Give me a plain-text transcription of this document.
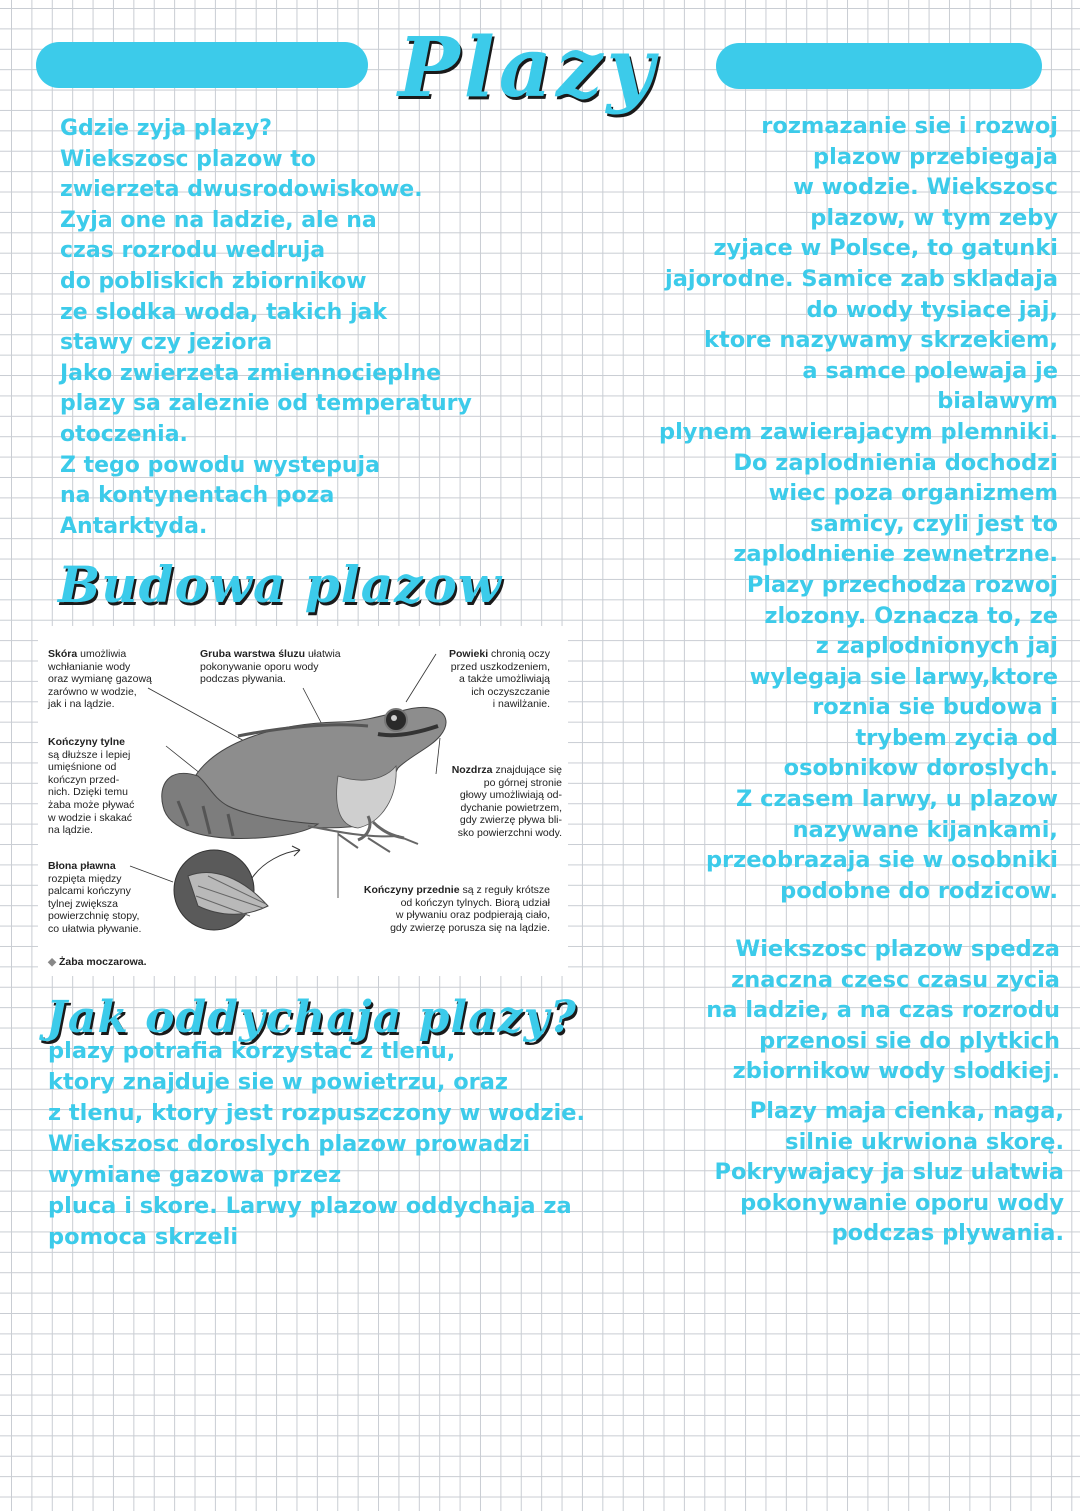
Plazy

Gdzie zyja plazy?
Wiekszosc plazow to
zwierzeta dwusrodowiskowe.
Zyja one na ladzie, ale na
czas rozrodu wedruja
do pobliskich zbiornikow
ze slodka woda, takich jak
stawy czy jeziora
Jako zwierzeta zmiennocieplne
plazy sa zaleznie od temperatury
otoczenia.
Z tego powodu wystepuja
na kontynentach poza
Antarktyda.

Budowa plazow

Skóra umożliwia
wchłanianie wody
oraz wymianę gazową
zarówno w wodzie,
jak i na lądzie.

Gruba warstwa śluzu ułatwia
pokonywanie oporu wody
podczas pływania.

Powieki chronią oczy
przed uszkodzeniem,
a także umożliwiają
ich oczyszczanie
i nawilżanie.

Kończyny tylne
są dłuższe i lepiej
umięśnione od
kończyn przed-
nich. Dzięki temu
żaba może pływać
w wodzie i skakać
na lądzie.

Nozdrza znajdujące się
po górnej stronie
głowy umożliwiają od-
dychanie powietrzem,
gdy zwierzę pływa bli-
sko powierzchni wody.

Błona pławna
rozpięta między
palcami kończyny
tylnej zwiększa
powierzchnię stopy,
co ułatwia pływanie.

Kończyny przednie są z reguły krótsze
od kończyn tylnych. Biorą udział
w pływaniu oraz podpierają ciało,
gdy zwierzę porusza się na lądzie.

◆ Żaba moczarowa.

Jak oddychaja plazy?

plazy potrafia korzystac z tlenu,
ktory znajduje sie w powietrzu, oraz
z tlenu, ktory jest rozpuszczony w wodzie.
Wiekszosc doroslych plazow prowadzi
wymiane gazowa przez
pluca i skore. Larwy plazow oddychaja za
pomoca skrzeli

rozmazanie sie i rozwoj
plazow przebiegaja
w wodzie. Wiekszosc
plazow, w tym zeby
zyjace w Polsce, to gatunki
jajorodne. Samice zab skladaja
do wody tysiace jaj,
ktore nazywamy skrzekiem,
a samce polewaja je
bialawym
plynem zawierajacym plemniki.
Do zaplodnienia dochodzi
wiec poza organizmem
samicy, czyli jest to
zaplodnienie zewnetrzne.
Plazy przechodza rozwoj
zlozony. Oznacza to, ze
z zaplodnionych jaj
wylegaja sie larwy,ktore
roznia sie budowa i
trybem zycia od
osobnikow doroslych.
Z czasem larwy, u plazow
nazywane kijankami,
przeobrazaja sie w osobniki
podobne do rodzicow.

Wiekszosc plazow spedza
znaczna czesc czasu zycia
na ladzie, a na czas rozrodu
przenosi sie do plytkich
zbiornikow wody slodkiej.

Plazy maja cienka, naga,
silnie ukrwiona skorę.
Pokrywajacy ja sluz ulatwia
pokonywanie oporu wody
podczas plywania.
